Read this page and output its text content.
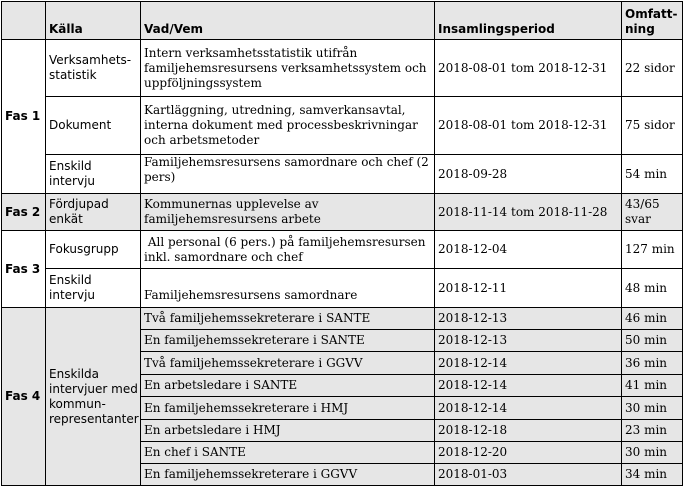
	Källa	Vad/Vem	Insamlingsperiod	Omfatt-
ning
Fas 1	Verksamhets-statistik	Intern verksamhetsstatistik utifrån familjehemsresursens verksamhetssystem och uppföljningssystem	2018-08-01 tom 2018-12-31	22 sidor
	Dokument	Kartläggning, utredning, samverkansavtal, interna dokument med processbeskrivningar och arbetsmetoder	2018-08-01 tom 2018-12-31	75 sidor
	Enskild intervju	Familjehemsresursens samordnare och chef (2 pers)	2018-09-28	54 min
Fas 2	Fördjupad enkät	Kommunernas upplevelse av familjehemsresursens arbete	2018-11-14 tom 2018-11-28	43/65 svar
Fas 3	Fokusgrupp	All personal (6 pers.) på familjehemsresursen inkl. samordnare och chef	2018-12-04	127 min
	Enskild intervju	Familjehemsresursens samordnare	2018-12-11	48 min
Fas 4	Enskilda intervjuer med kommun-representanter	Två familjehemssekreterare i SANTE	2018-12-13	46 min
		En familjehemssekreterare i SANTE	2018-12-13	50 min
		Två familjehemssekreterare i GGVV	2018-12-14	36 min
		En arbetsledare i SANTE	2018-12-14	41 min
		En familjehemssekreterare i HMJ	2018-12-14	30 min
		En arbetsledare i HMJ	2018-12-18	23 min
		En chef i SANTE	2018-12-20	30 min
		En familjehemssekreterare i GGVV	2018-01-03	34 min
